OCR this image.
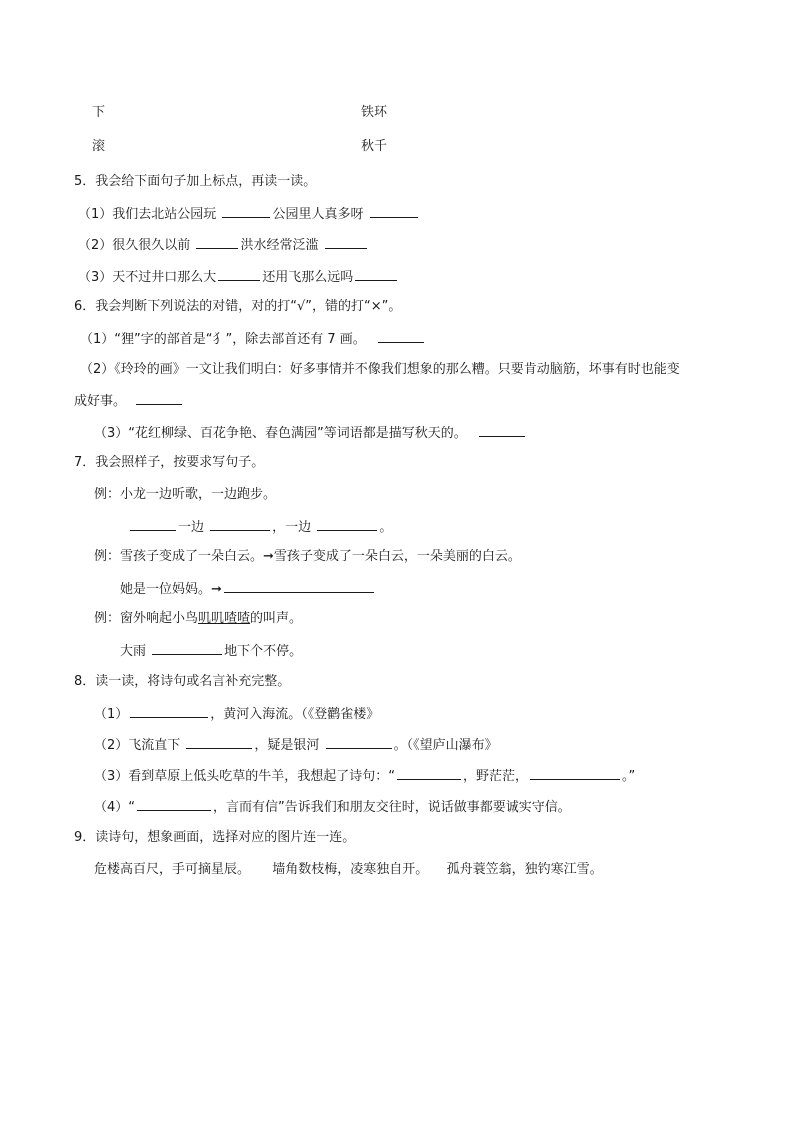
下	铁环
滚	秋千
5．我会给下面句子加上标点，再读一读。
（1）我们去北站公园玩	公园里人真多呀
（2）很久很久以前	洪水经常泛滥
（3）天不过井口那么大	还用飞那么远吗
6．我会判断下列说法的对错，对的打“√”，错的打“×”。
（1）“狸”字的部首是“犭”，除去部首还有 7 画。
（2）《玲玲的画》一文让我们明白：好多事情并不像我们想象的那么糟。只要肯动脑筋，坏事有时也能变
成好事。
（3）“花红柳绿、百花争艳、春色满园”等词语都是描写秋天的。
7．我会照样子，按要求写句子。
例：小龙一边听歌，一边跑步。
一边	，一边	。
例：雪孩子变成了一朵白云。➞雪孩子变成了一朵白云，一朵美丽的白云。
她是一位妈妈。➞
例：窗外响起小鸟叽叽喳喳的叫声。
大雨	地下个不停。
8．读一读，将诗句或名言补充完整。
（1）	，黄河入海流。（《登鹳雀楼》
（2）飞流直下	，疑是银河	。（《望庐山瀑布》
（3）看到草原上低头吃草的牛羊，我想起了诗句：“	，野茫茫，	。”
（4）“	，言而有信”告诉我们和朋友交往时，说话做事都要诚实守信。
9．读诗句，想象画面，选择对应的图片连一连。
危楼高百尺，手可摘星辰。 墙角数枝梅，凌寒独自开。 孤舟蓑笠翁，独钓寒江雪。
